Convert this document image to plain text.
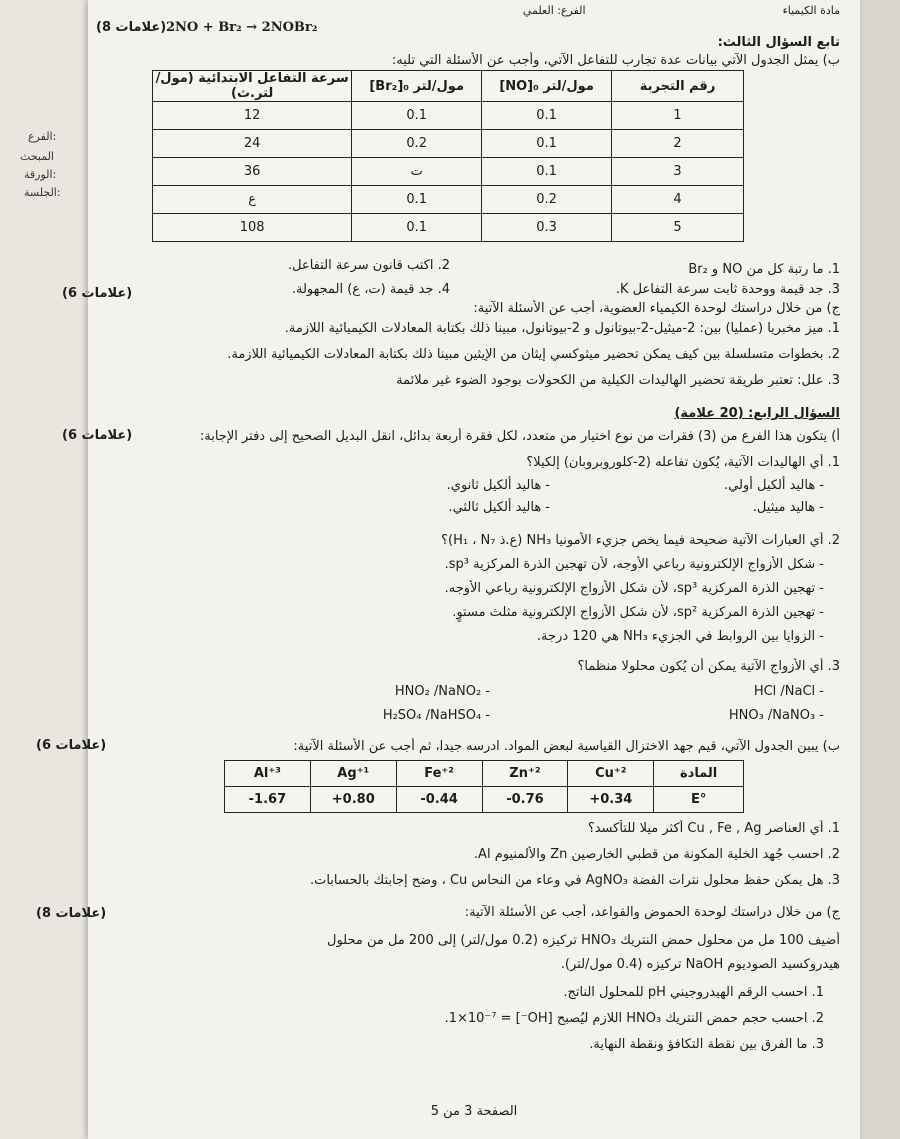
الفرع:
المبحث
الورقة:
الجلسة:
مادة الكيمياء  الفرع: العلمي
2NO + Br₂ → 2NOBr₂
(8 علامات)
تابع السؤال الثالث:
ب) يمثل الجدول الآتي بيانات عدة تجارب للتفاعل الآتي، وأجب عن الأسئلة التي تليه:
سرعة التفاعل الابتدائية (مول/لتر.ث)	[Br₂]₀ مول/لتر	[NO]₀ مول/لتر	رقم التجربة
12	0.1	0.1	1
24	0.2	0.1	2
36	ت	0.1	3
ع	0.1	0.2	4
108	0.1	0.3	5
1. ما رتبة كل من NO و Br₂
2. اكتب قانون سرعة التفاعل.
3. جد قيمة ووحدة ثابت سرعة التفاعل K.
4. جد قيمة (ت، ع) المجهولة.
(6 علامات)
ج) من خلال دراستك لوحدة الكيمياء العضوية، أجب عن الأسئلة الآتية:
1. ميز مخبريا (عمليا) بين: 2-ميثيل-2-بيوتانول و 2-بيوتانول، مبينا ذلك بكتابة المعادلات الكيميائية اللازمة.
2. بخطوات متسلسلة بين كيف يمكن تحضير ميثوكسي إيثان من الإيثين مبينا ذلك بكتابة المعادلات الكيميائية اللازمة.
3. علل: تعتبر طريقة تحضير الهاليدات الكيلية من الكحولات بوجود الضوء غير ملائمة
السؤال الرابع: (20 علامة)
أ) يتكون هذا الفرع من (3) فقرات من نوع اختيار من متعدد، لكل فقرة أربعة بدائل، انقل البديل الصحيح إلى دفتر الإجابة:
(6 علامات)
1. أي الهاليدات الآتية، يُكون تفاعله (2-كلوروبروبان) إلكيلا؟
- هاليد ألكيل أولي.
- هاليد ألكيل ثانوي.
- هاليد ميثيل.
- هاليد ألكيل ثالثي.
2. أي العبارات الآتية صحيحة فيما يخص جزيء الأمونيا NH₃ (ع.ذ H₁ ، N₇)؟
- شكل الأزواج الإلكترونية رباعي الأوجه، لأن تهجين الذرة المركزية sp³.
- تهجين الذرة المركزية sp³، لأن شكل الأزواج الإلكترونية رباعي الأوجه.
- تهجين الذرة المركزية sp²، لأن شكل الأزواج الإلكترونية مثلث مستوٍ.
- الزوايا بين الروابط في الجزيء NH₃ هي 120 درجة.
3. أي الأزواج الآتية يمكن أن يُكون محلولا منظما؟
- HCl /NaCl
- HNO₂ /NaNO₂
- HNO₃ /NaNO₃
- H₂SO₄ /NaHSO₄
ب) يبين الجدول الآتي، قيم جهد الاختزال القياسية لبعض المواد. ادرسه جيدا، ثم أجب عن الأسئلة الآتية:
(6 علامات)
Al⁺³	Ag⁺¹	Fe⁺²	Zn⁺²	Cu⁺²	المادة
-1.67	+0.80	-0.44	-0.76	+0.34	E°
1. أي العناصر Cu , Fe , Ag أكثر ميلا للتأكسد؟
2. احسب جُهد الخلية المكونة من قطبي الخارصين Zn والألمنيوم Al.
3. هل يمكن حفظ محلول نترات الفضة AgNO₃ في وعاء من النحاس Cu ، وضح إجابتك بالحسابات.
ج) من خلال دراستك لوحدة الحموض والقواعد، أجب عن الأسئلة الآتية:
(8 علامات)
أضيف 100 مل من محلول حمض النتريك HNO₃ تركيزه (0.2 مول/لتر) إلى 200 مل من محلول
هيدروكسيد الصوديوم NaOH تركيزه (0.4 مول/لتر).
1. احسب الرقم الهيدروجيني pH للمحلول الناتج.
2. احسب حجم حمض النتريك HNO₃ اللازم ليُصبح [OH⁻] = 1×10⁻⁷.
3. ما الفرق بين نقطة التكافؤ ونقطة النهاية.
الصفحة 3 من 5
